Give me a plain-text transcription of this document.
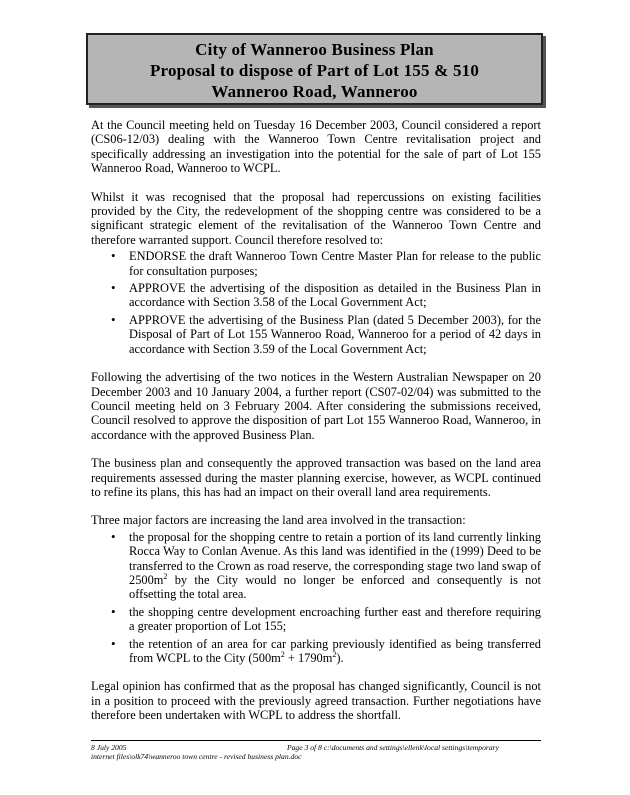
City of Wanneroo Business Plan
Proposal to dispose of Part of Lot 155 & 510
Wanneroo Road, Wanneroo

At the Council meeting held on Tuesday 16 December 2003, Council considered a report (CS06-12/03) dealing with the Wanneroo Town Centre revitalisation project and specifically addressing an investigation into the potential for the sale of part of Lot 155 Wanneroo Road, Wanneroo to WCPL.

Whilst it was recognised that the proposal had repercussions on existing facilities provided by the City, the redevelopment of the shopping centre was considered to be a significant strategic element of the revitalisation of the Wanneroo Town Centre and therefore warranted support. Council therefore resolved to:

• ENDORSE the draft Wanneroo Town Centre Master Plan for release to the public for consultation purposes;
• APPROVE the advertising of the disposition as detailed in the Business Plan in accordance with Section 3.58 of the Local Government Act;
• APPROVE the advertising of the Business Plan (dated 5 December 2003), for the Disposal of Part of Lot 155 Wanneroo Road, Wanneroo for a period of 42 days in accordance with Section 3.59 of the Local Government Act;

Following the advertising of the two notices in the Western Australian Newspaper on 20 December 2003 and 10 January 2004, a further report (CS07-02/04) was submitted to the Council meeting held on 3 February 2004. After considering the submissions received, Council resolved to approve the disposition of part Lot 155 Wanneroo Road, Wanneroo, in accordance with the approved Business Plan.

The business plan and consequently the approved transaction was based on the land area requirements assessed during the master planning exercise, however, as WCPL continued to refine its plans, this has had an impact on their overall land area requirements.

Three major factors are increasing the land area involved in the transaction:

• the proposal for the shopping centre to retain a portion of its land currently linking Rocca Way to Conlan Avenue. As this land was identified in the (1999) Deed to be transferred to the Crown as road reserve, the corresponding stage two land swap of $2500m^2$ by the City would no longer be enforced and consequently is not offsetting the total area.
• the shopping centre development encroaching further east and therefore requiring a greater proportion of Lot 155;
• the retention of an area for car parking previously identified as being transferred from WCPL to the City $(500m^2 + 1790m^2)$.

Legal opinion has confirmed that as the proposal has changed significantly, Council is not in a position to proceed with the previously agreed transaction. Further negotiations have therefore been undertaken with WCPL to address the shortfall.

8 July 2005	Page 3 of 8 c:\documents and settings\ellenk\local settings\temporary
internet files\olk74\wanneroo town centre - revised business plan.doc
